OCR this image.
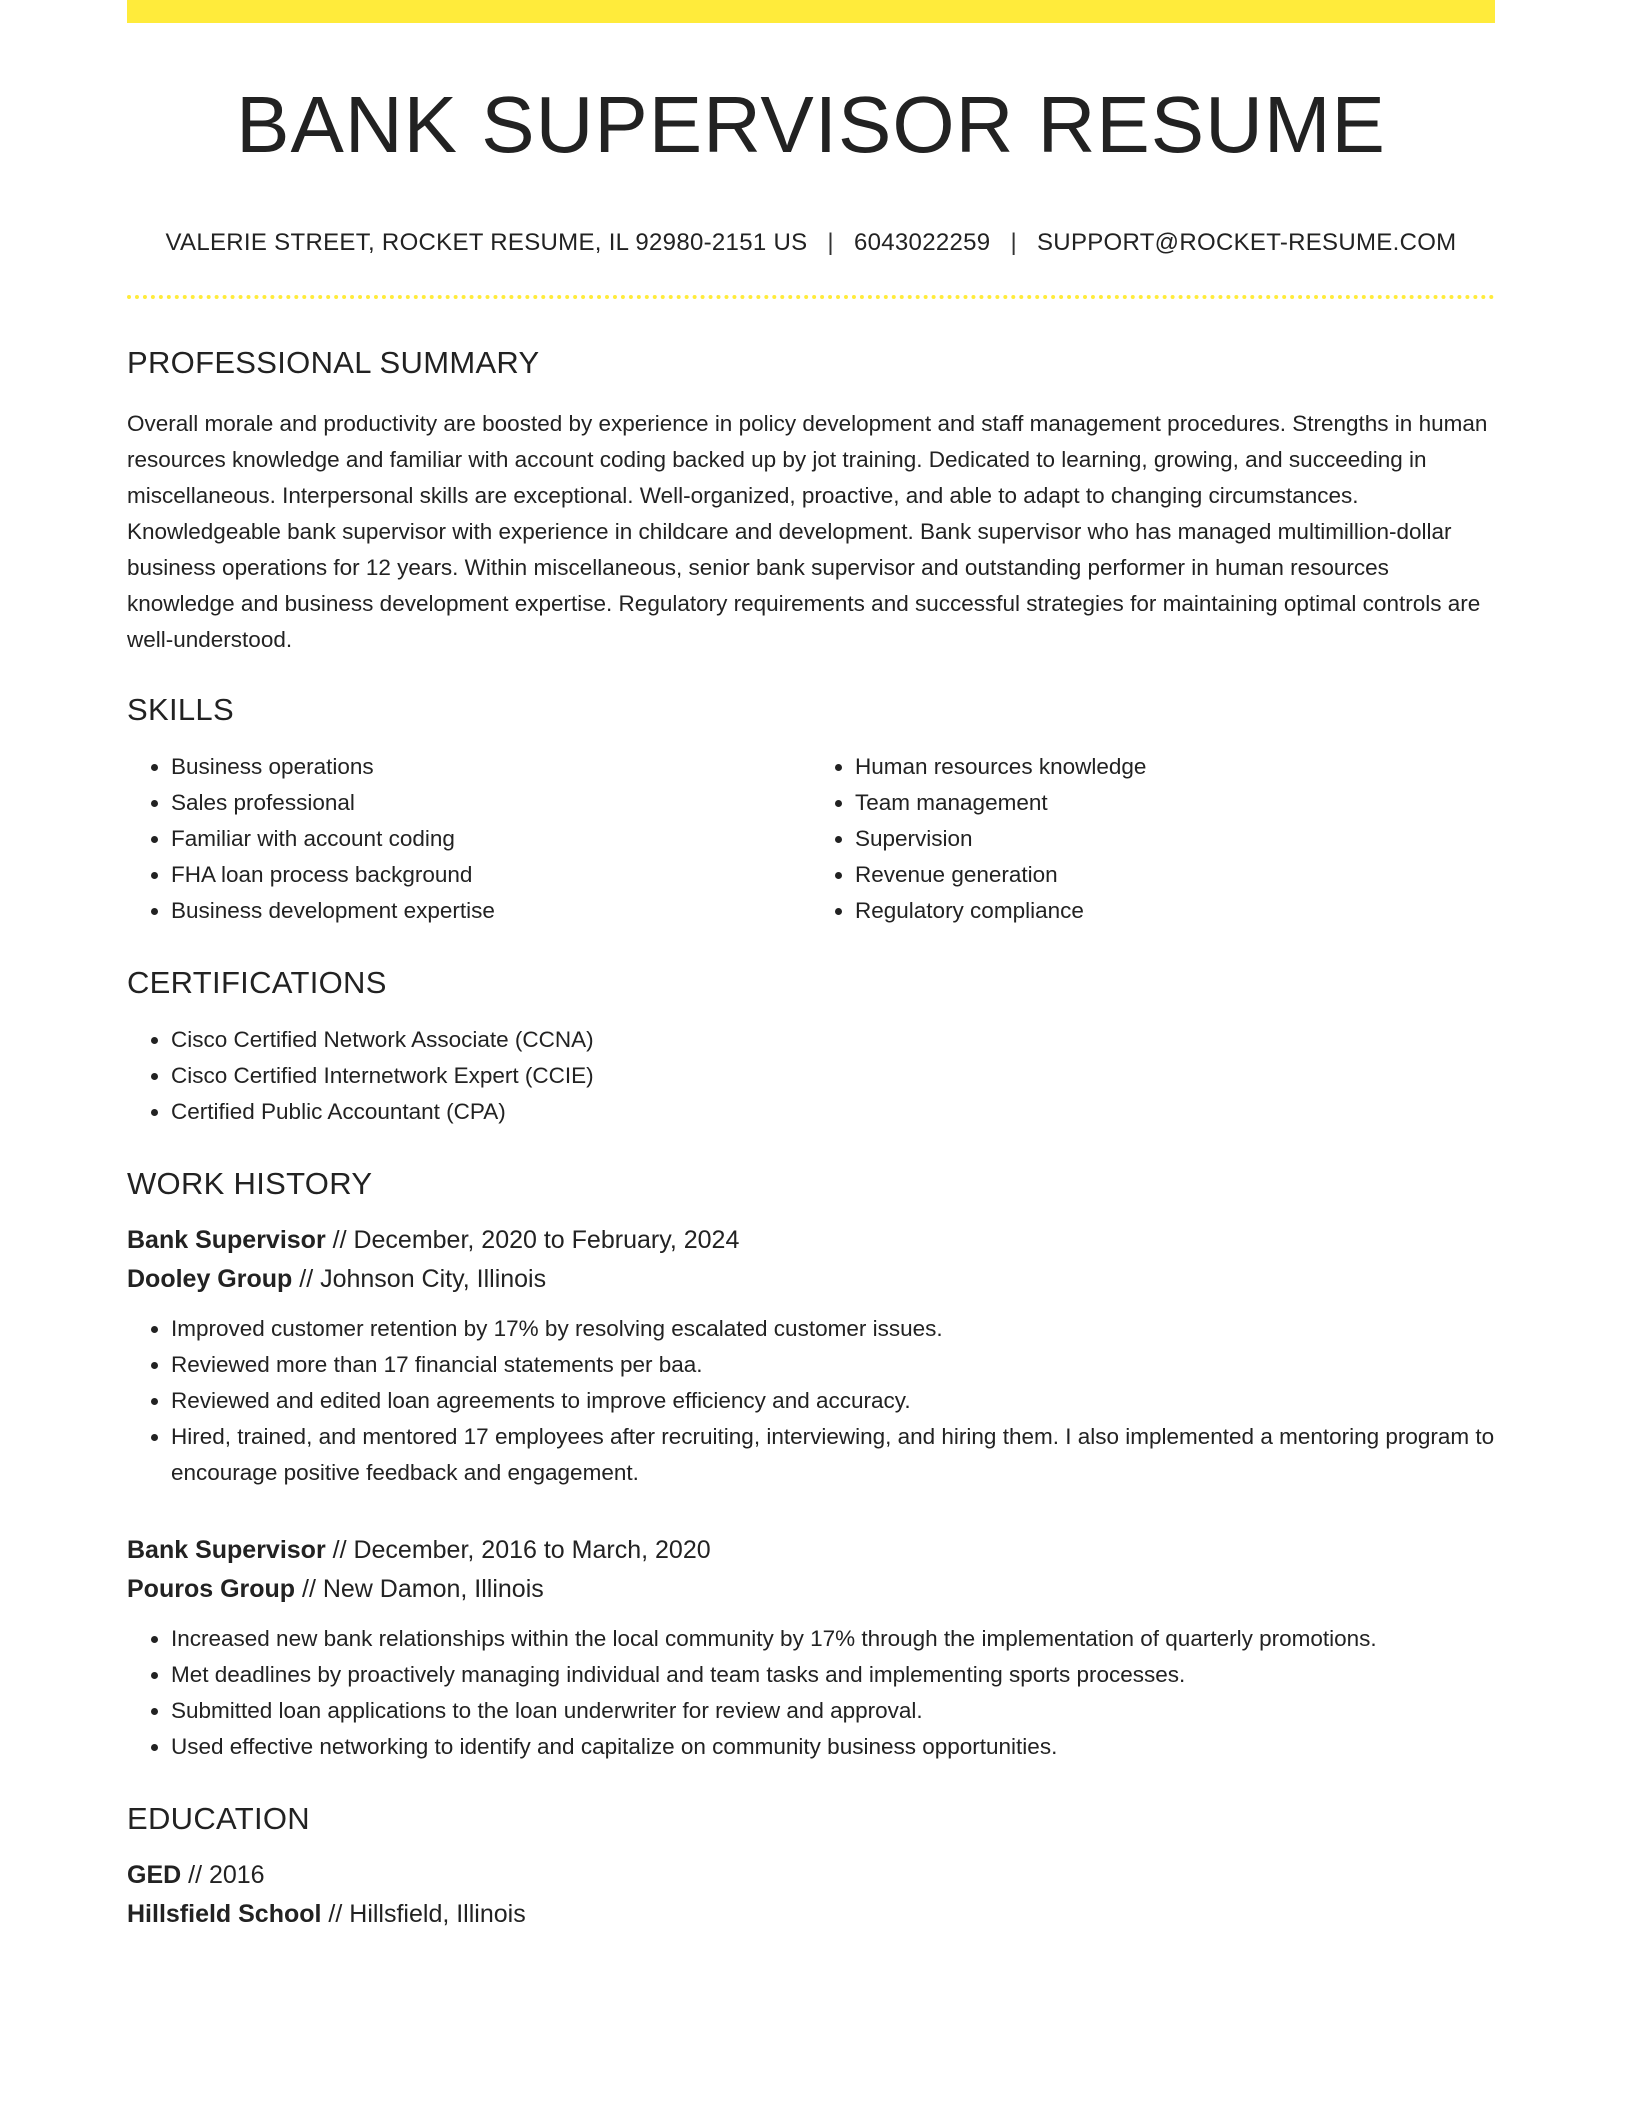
BANK SUPERVISOR RESUME
VALERIE STREET, ROCKET RESUME, IL 92980-2151 US | 6043022259 | SUPPORT@ROCKET-RESUME.COM
PROFESSIONAL SUMMARY

Overall morale and productivity are boosted by experience in policy development and staff management procedures. Strengths in human resources knowledge and familiar with account coding backed up by jot training. Dedicated to learning, growing, and succeeding in miscellaneous. Interpersonal skills are exceptional. Well-organized, proactive, and able to adapt to changing circumstances. Knowledgeable bank supervisor with experience in childcare and development. Bank supervisor who has managed multimillion-dollar business operations for 12 years. Within miscellaneous, senior bank supervisor and outstanding performer in human resources knowledge and business development expertise. Regulatory requirements and successful strategies for maintaining optimal controls are well-understood.

SKILLS
• Business operations
• Sales professional
• Familiar with account coding
• FHA loan process background
• Business development expertise
• Human resources knowledge
• Team management
• Supervision
• Revenue generation
• Regulatory compliance
CERTIFICATIONS
• Cisco Certified Network Associate (CCNA)
• Cisco Certified Internetwork Expert (CCIE)
• Certified Public Accountant (CPA)
WORK HISTORY
Bank Supervisor // December, 2020 to February, 2024
Dooley Group // Johnson City, Illinois
• Improved customer retention by 17% by resolving escalated customer issues.
• Reviewed more than 17 financial statements per baa.
• Reviewed and edited loan agreements to improve efficiency and accuracy.
• Hired, trained, and mentored 17 employees after recruiting, interviewing, and hiring them. I also implemented a mentoring program to encourage positive feedback and engagement.
Bank Supervisor // December, 2016 to March, 2020
Pouros Group // New Damon, Illinois
• Increased new bank relationships within the local community by 17% through the implementation of quarterly promotions.
• Met deadlines by proactively managing individual and team tasks and implementing sports processes.
• Submitted loan applications to the loan underwriter for review and approval.
• Used effective networking to identify and capitalize on community business opportunities.
EDUCATION
GED // 2016
Hillsfield School // Hillsfield, Illinois
